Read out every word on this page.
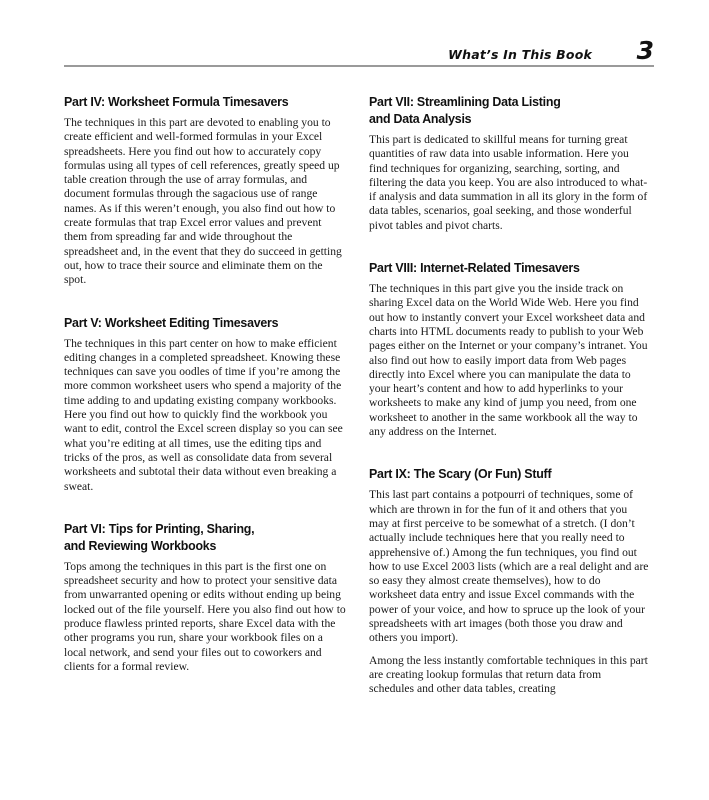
What’s In This Book 3
Part IV: Worksheet Formula Timesavers

The techniques in this part are devoted to enabling you to create efficient and well-formed formulas in your Excel spreadsheets. Here you find out how to accurately copy formulas using all types of cell references, greatly speed up table creation through the use of array formulas, and document formulas through the sagacious use of range names. As if this weren’t enough, you also find out how to create formulas that trap Excel error values and prevent them from spreading far and wide throughout the spreadsheet and, in the event that they do succeed in getting out, how to trace their source and eliminate them on the spot.

Part V: Worksheet Editing Timesavers

The techniques in this part center on how to make efficient editing changes in a completed spreadsheet. Knowing these techniques can save you oodles of time if you’re among the more common worksheet users who spend a majority of the time adding to and updating existing company workbooks. Here you find out how to quickly find the workbook you want to edit, control the Excel screen display so you can see what you’re editing at all times, use the editing tips and tricks of the pros, as well as consolidate data from several worksheets and subtotal their data without even breaking a sweat.

Part VI: Tips for Printing, Sharing,
and Reviewing Workbooks

Tops among the techniques in this part is the first one on spreadsheet security and how to protect your sensitive data from unwarranted opening or edits without ending up being locked out of the file yourself. Here you also find out how to produce flawless printed reports, share Excel data with the other programs you run, share your workbook files on a local network, and send your files out to coworkers and clients for a formal review.

Part VII: Streamlining Data Listing
and Data Analysis

This part is dedicated to skillful means for turning great quantities of raw data into usable information. Here you find techniques for organizing, searching, sorting, and filtering the data you keep. You are also introduced to what-if analysis and data summation in all its glory in the form of data tables, scenarios, goal seeking, and those wonderful pivot tables and pivot charts.

Part VIII: Internet-Related Timesavers

The techniques in this part give you the inside track on sharing Excel data on the World Wide Web. Here you find out how to instantly convert your Excel worksheet data and charts into HTML documents ready to publish to your Web pages either on the Internet or your company’s intranet. You also find out how to easily import data from Web pages directly into Excel where you can manipulate the data to your heart’s content and how to add hyperlinks to your worksheets to make any kind of jump you need, from one worksheet to another in the same workbook all the way to any address on the Internet.

Part IX: The Scary (Or Fun) Stuff

This last part contains a potpourri of techniques, some of which are thrown in for the fun of it and others that you may at first perceive to be somewhat of a stretch. (I don’t actually include techniques here that you really need to apprehensive of.) Among the fun techniques, you find out how to use Excel 2003 lists (which are a real delight and are so easy they almost create themselves), how to do worksheet data entry and issue Excel commands with the power of your voice, and how to spruce up the look of your spreadsheets with art images (both those you draw and others you import).

Among the less instantly comfortable techniques in this part are creating lookup formulas that return data from schedules and other data tables, creating
